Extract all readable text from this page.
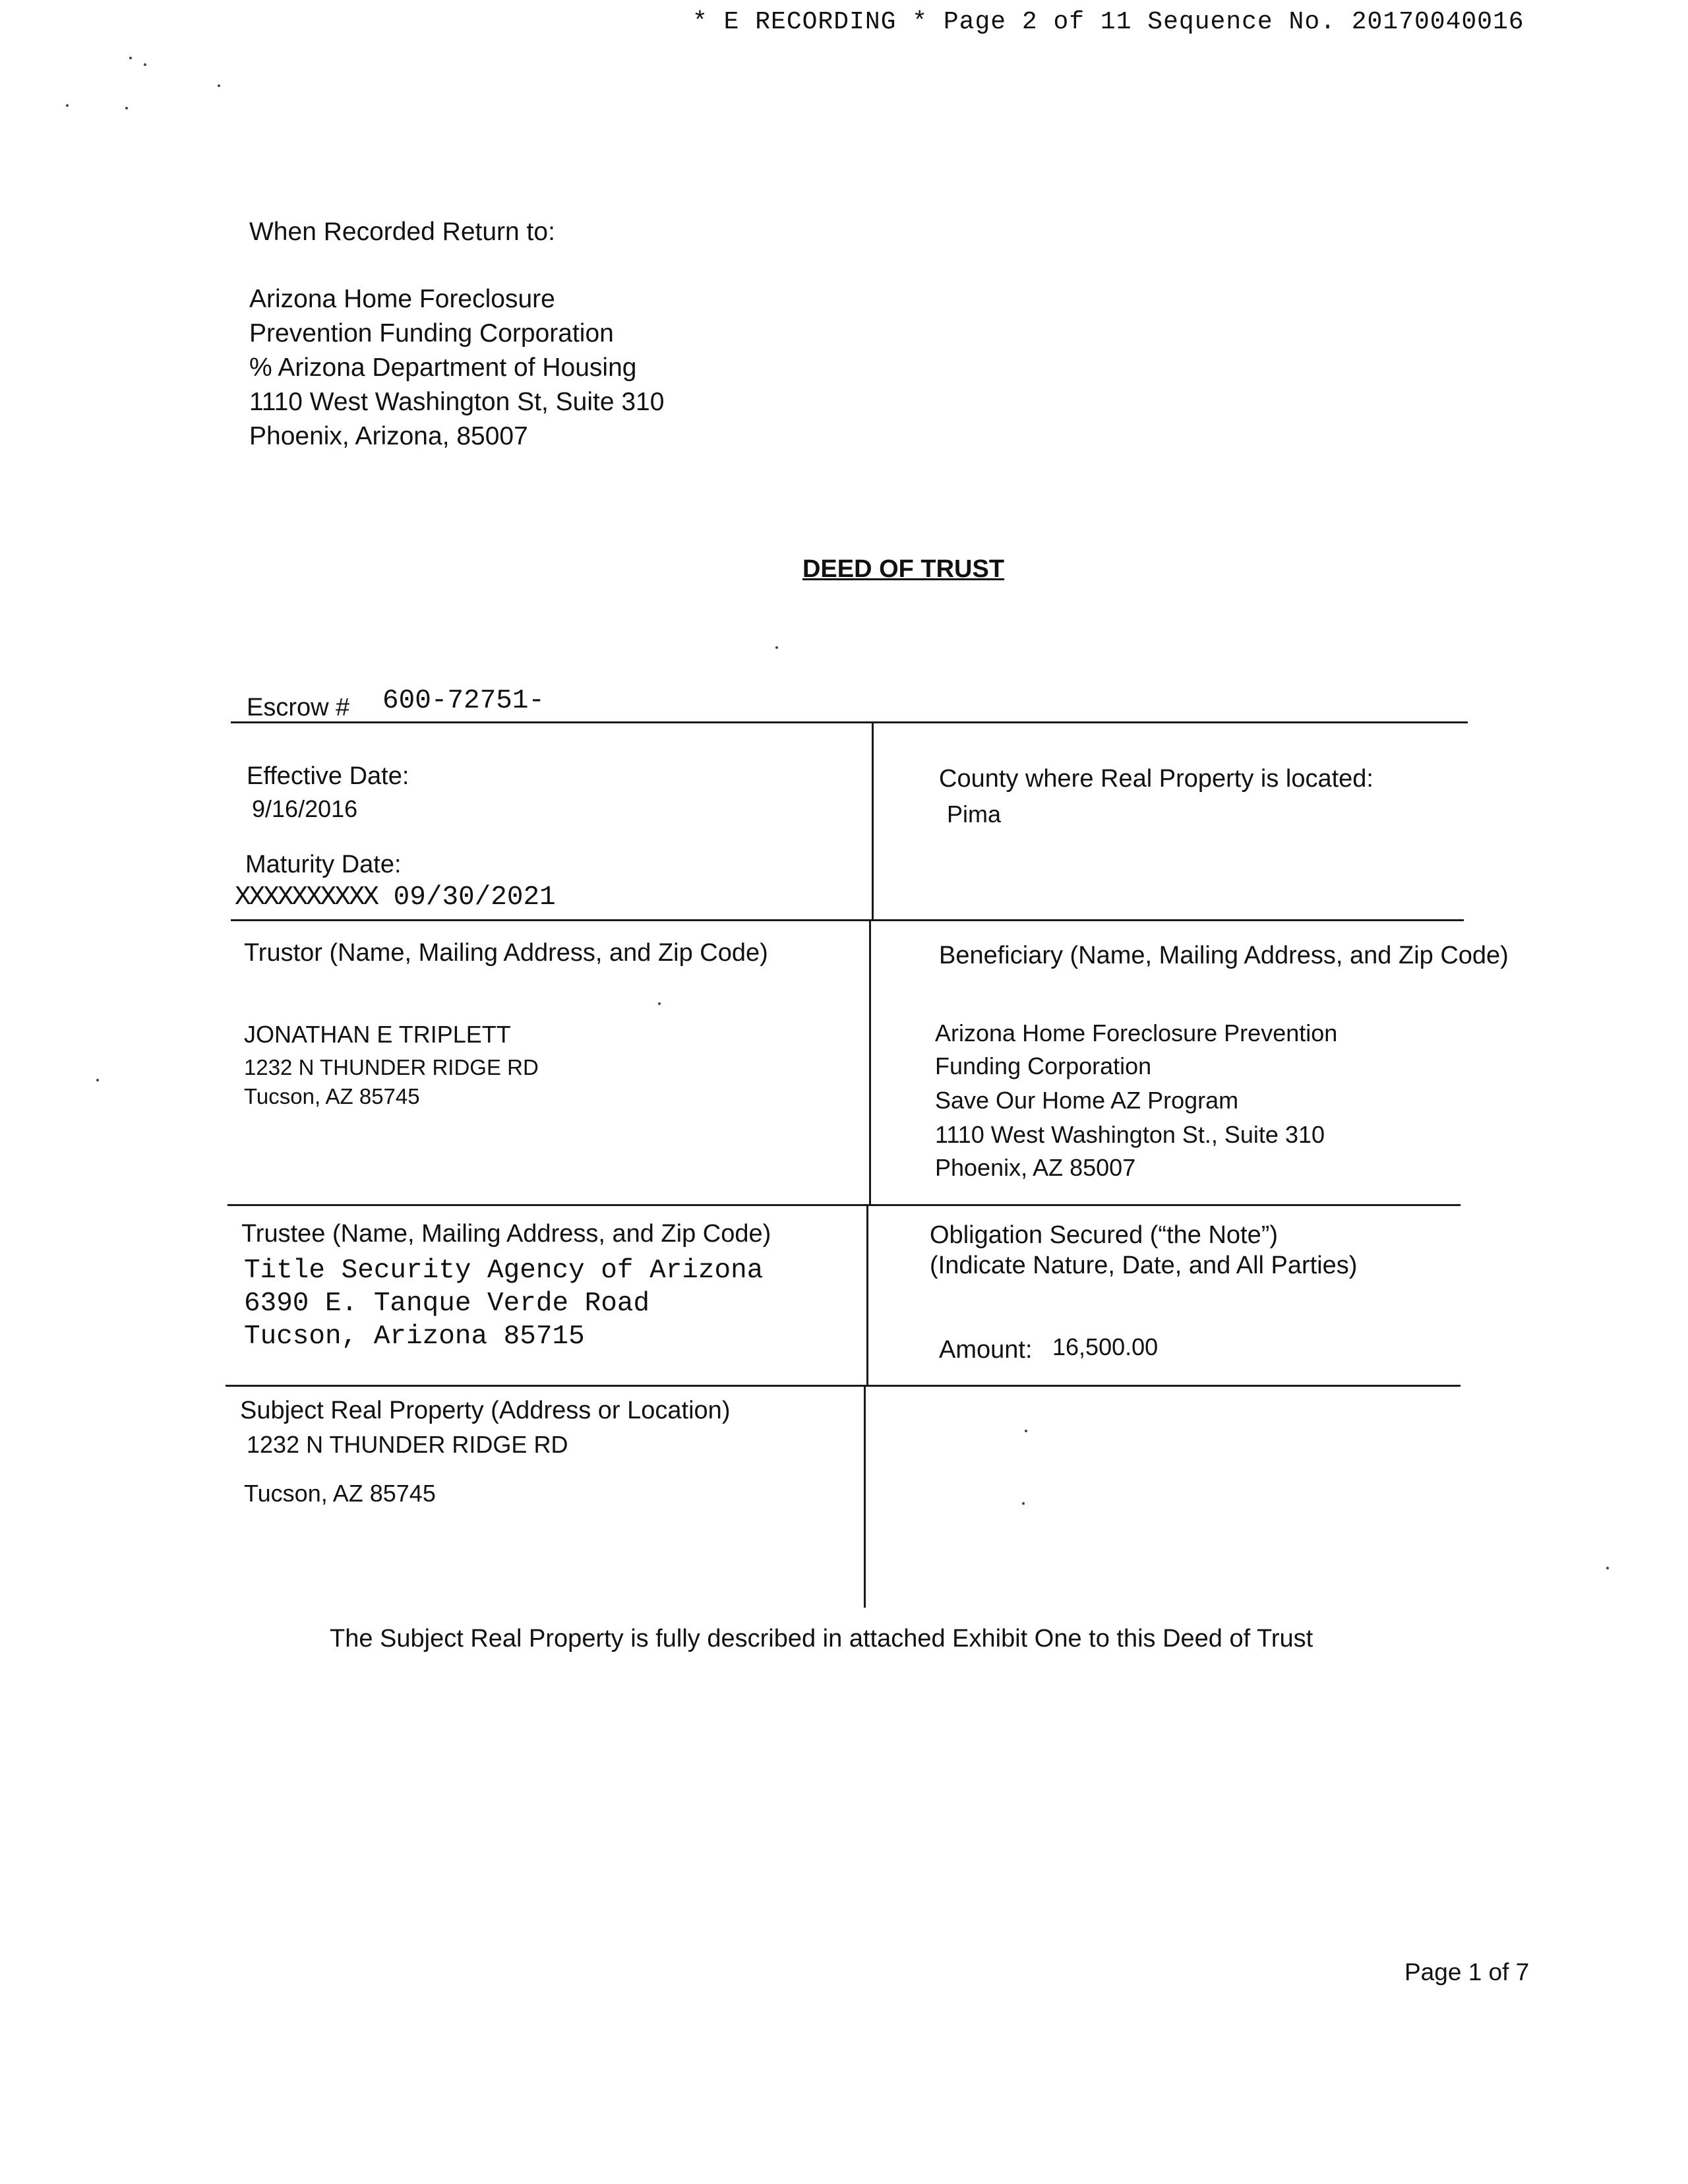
* E RECORDING * Page 2 of 11 Sequence No. 20170040016
When Recorded Return to:
Arizona Home Foreclosure
Prevention Funding Corporation
% Arizona Department of Housing
1110 West Washington St, Suite 310
Phoenix, Arizona, 85007
DEED OF TRUST
Escrow # 600-72751-
Effective Date:
9/16/2016
Maturity Date:
XXXXXXXXXX 09/30/2021
County where Real Property is located:
Pima
Trustor (Name, Mailing Address, and Zip Code)
JONATHAN E TRIPLETT
1232 N THUNDER RIDGE RD
Tucson, AZ 85745
Beneficiary (Name, Mailing Address, and Zip Code)
Arizona Home Foreclosure Prevention
Funding Corporation
Save Our Home AZ Program
1110 West Washington St., Suite 310
Phoenix, AZ 85007
Trustee (Name, Mailing Address, and Zip Code)
Title Security Agency of Arizona
6390 E. Tanque Verde Road
Tucson, Arizona 85715
Obligation Secured (“the Note”)
(Indicate Nature, Date, and All Parties)
Amount: 16,500.00
Subject Real Property (Address or Location)
1232 N THUNDER RIDGE RD
Tucson, AZ 85745
The Subject Real Property is fully described in attached Exhibit One to this Deed of Trust
Page 1 of 7
